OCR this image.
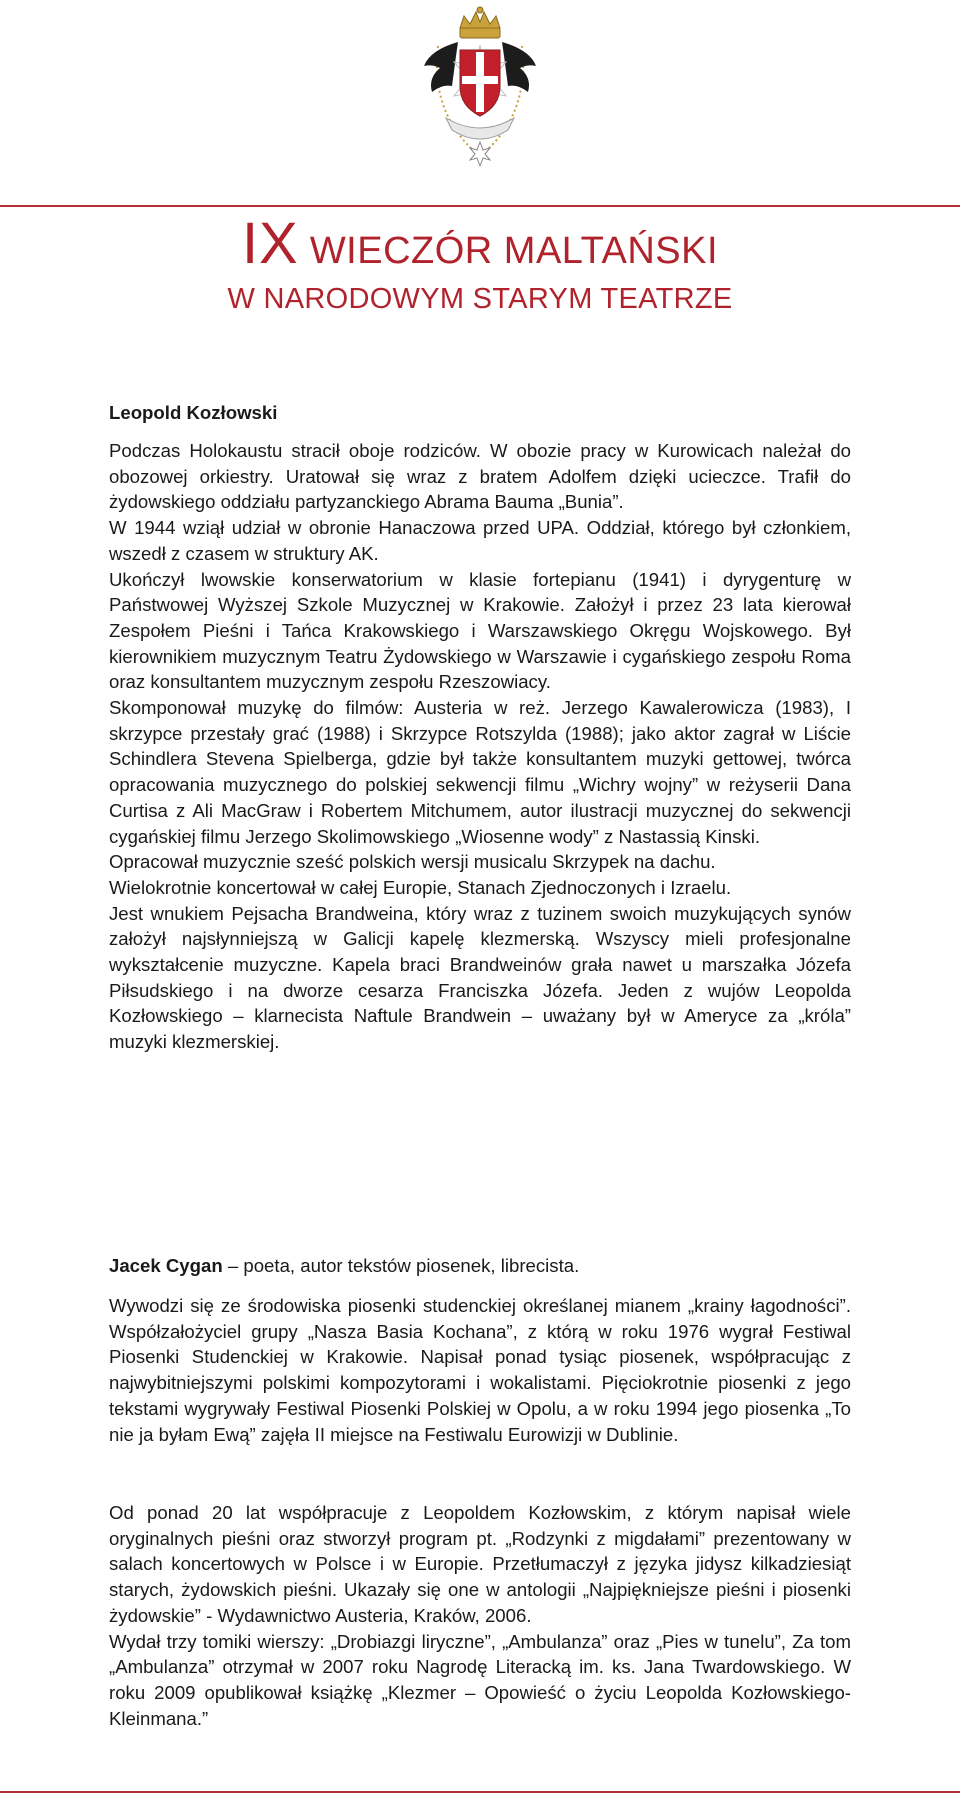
IX WIECZÓR MALTAŃSKI
W NARODOWYM STARYM TEATRZE
Leopold Kozłowski

Podczas Holokaustu stracił oboje rodziców. W obozie pracy w Kurowicach należał do obozowej orkiestry. Uratował się wraz z bratem Adolfem dzięki ucieczce. Trafił do żydowskiego oddziału partyzanckiego Abrama Bauma „Bunia”.

W 1944 wziął udział w obronie Hanaczowa przed UPA. Oddział, którego był członkiem, wszedł z czasem w struktury AK.

Ukończył lwowskie konserwatorium w klasie fortepianu (1941) i dyrygenturę w Państwowej Wyższej Szkole Muzycznej w Krakowie. Założył i przez 23 lata kierował Zespołem Pieśni i Tańca Krakowskiego i Warszawskiego Okręgu Wojskowego. Był kierownikiem muzycznym Teatru Żydowskiego w Warszawie i cygańskiego zespołu Roma oraz konsultantem muzycznym zespołu Rzeszowiacy.

Skomponował muzykę do filmów: Austeria w reż. Jerzego Kawalerowicza (1983), I skrzypce przestały grać (1988) i Skrzypce Rotszylda (1988); jako aktor zagrał w Liście Schindlera Stevena Spielberga, gdzie był także konsultantem muzyki gettowej, twórca opracowania muzycznego do polskiej sekwencji filmu „Wichry wojny” w reżyserii Dana Curtisa z Ali MacGraw i Robertem Mitchumem, autor ilustracji muzycznej do sekwencji cygańskiej filmu Jerzego Skolimowskiego „Wiosenne wody” z Nastassią Kinski.

Opracował muzycznie sześć polskich wersji musicalu Skrzypek na dachu.

Wielokrotnie koncertował w całej Europie, Stanach Zjednoczonych i Izraelu.

Jest wnukiem Pejsacha Brandweina, który wraz z tuzinem swoich muzykujących synów założył najsłynniejszą w Galicji kapelę klezmerską. Wszyscy mieli profesjonalne wykształcenie muzyczne. Kapela braci Brandweinów grała nawet u marszałka Józefa Piłsudskiego i na dworze cesarza Franciszka Józefa. Jeden z wujów Leopolda Kozłowskiego – klarnecista Naftule Brandwein – uważany był w Ameryce za „króla” muzyki klezmerskiej.

Jacek Cygan – poeta, autor tekstów piosenek, librecista.

Wywodzi się ze środowiska piosenki studenckiej określanej mianem „krainy łagodności”. Współzałożyciel grupy „Nasza Basia Kochana”, z którą w roku 1976 wygrał Festiwal Piosenki Studenckiej w Krakowie. Napisał ponad tysiąc piosenek, współpracując z najwybitniejszymi polskimi kompozytorami i wokalistami. Pięciokrotnie piosenki z jego tekstami wygrywały Festiwal Piosenki Polskiej w Opolu, a w roku 1994 jego piosenka „To nie ja byłam Ewą” zajęła II miejsce na Festiwalu Eurowizji w Dublinie.

Od ponad 20 lat współpracuje z Leopoldem Kozłowskim, z którym napisał wiele oryginalnych pieśni oraz stworzył program pt. „Rodzynki z migdałami” prezentowany w salach koncertowych w Polsce i w Europie. Przetłumaczył z języka jidysz kilkadziesiąt starych, żydowskich pieśni. Ukazały się one w antologii „Najpiękniejsze pieśni i piosenki żydowskie” - Wydawnictwo Austeria, Kraków, 2006.

Wydał trzy tomiki wierszy: „Drobiazgi liryczne”, „Ambulanza” oraz „Pies w tunelu”, Za tom „Ambulanza” otrzymał w 2007 roku Nagrodę Literacką im. ks. Jana Twardowskiego. W roku 2009 opublikował książkę „Klezmer – Opowieść o życiu Leopolda Kozłowskiego-Kleinmana.”
